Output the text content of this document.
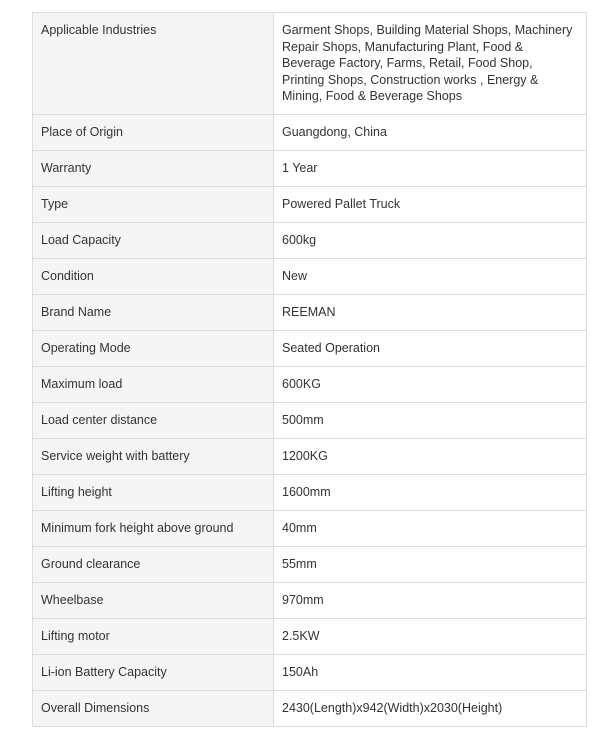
Applicable Industries	Garment Shops, Building Material Shops, Machinery Repair Shops, Manufacturing Plant, Food & Beverage Factory, Farms, Retail, Food Shop, Printing Shops, Construction works , Energy & Mining, Food & Beverage Shops
Place of Origin	Guangdong, China
Warranty	1 Year
Type	Powered Pallet Truck
Load Capacity	600kg
Condition	New
Brand Name	REEMAN
Operating Mode	Seated Operation
Maximum load	600KG
Load center distance	500mm
Service weight with battery	1200KG
Lifting height	1600mm
Minimum fork height above ground	40mm
Ground clearance	55mm
Wheelbase	970mm
Lifting motor	2.5KW
Li-ion Battery Capacity	150Ah
Overall Dimensions	2430(Length)x942(Width)x2030(Height)
